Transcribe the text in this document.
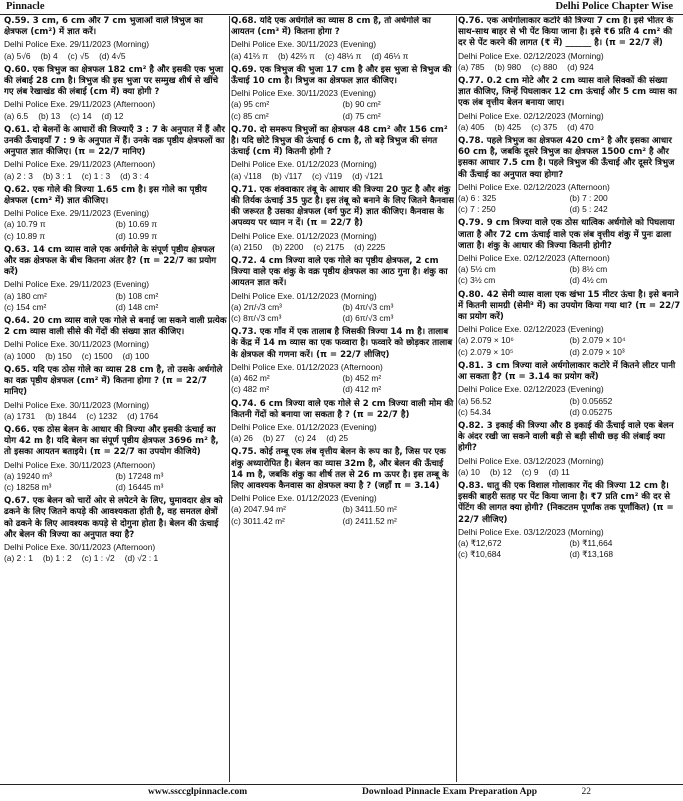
Pinnacle	Delhi Police Chapter Wise
Q.59. 3 cm, 6 cm और 7 cm भुजाओं वाले त्रिभुज का क्षेत्रफल (cm²) में ज्ञात करें।
Delhi Police Exe. 29/11/2023 (Morning)
(a) 5√6 (b) 4 (c) √5 (d) 4√5
Q.60. एक त्रिभुज का क्षेत्रफल 182 cm² है और इसकी एक भुजा की लंबाई 28 cm है। त्रिभुज की इस भुजा पर सम्मुख शीर्ष से खींचे गए लंब रेखाखंड की लंबाई (cm में) क्या होगी ?
Delhi Police Exe. 29/11/2023 (Afternoon)
(a) 6.5 (b) 13 (c) 14 (d) 12
Q.61. दो बेलनों के आधारों की त्रिज्याएँ 3 : 7 के अनुपात में हैं और उनकी ऊँचाइयाँ 7 : 9 के अनुपात में हैं। उनके वक्र पृष्ठीय क्षेत्रफलों का अनुपात ज्ञात कीजिए। (π = 22/7 मानिए)
Delhi Police Exe. 29/11/2023 (Afternoon)
(a) 2 : 3 (b) 3 : 1 (c) 1 : 3 (d) 3 : 4
Q.62. एक गोले की त्रिज्या 1.65 cm है। इस गोले का पृष्ठीय क्षेत्रफल (cm² में) ज्ञात कीजिए।
Delhi Police Exe. 29/11/2023 (Evening)
(a) 10.79 π	(b) 10.69 π
(c) 10.89 π	(d) 10.99 π
Q.63. 14 cm व्यास वाले एक अर्धगोले के संपूर्ण पृष्ठीय क्षेत्रफल और वक्र क्षेत्रफल के बीच कितना अंतर है? (π = 22/7 का प्रयोग करें)
Delhi Police Exe. 29/11/2023 (Evening)
(a) 180 cm²	(b) 108 cm²
(c) 154 cm²	(d) 148 cm²
Q.64. 20 cm व्यास वाले एक गोले से बनाई जा सकने वाली प्रत्येक 2 cm व्यास वाली सीसे की गेंदों की संख्या ज्ञात कीजिए।
Delhi Police Exe. 30/11/2023 (Morning)
(a) 1000 (b) 150 (c) 1500 (d) 100
Q.65. यदि एक ठोस गोले का व्यास 28 cm है, तो उसके अर्धगोले का वक्र पृष्ठीय क्षेत्रफल (cm² में) कितना होगा ? (π = 22/7 मानिए)
Delhi Police Exe. 30/11/2023 (Morning)
(a) 1731 (b) 1844 (c) 1232 (d) 1764
Q.66. एक ठोस बेलन के आधार की त्रिज्या और इसकी ऊंचाई का योग 42 m है। यदि बेलन का संपूर्ण पृष्ठीय क्षेत्रफल 3696 m² है, तो इसका आयतन बताइये। (π = 22/7 का उपयोग कीजिये)
Delhi Police Exe. 30/11/2023 (Afternoon)
(a) 19240 m³	(b) 17248 m³
(c) 18258 m³	(d) 16445 m³
Q.67. एक बेलन को चारों ओर से लपेटने के लिए, घुमावदार क्षेत्र को ढकने के लिए जितने कपड़े की आवश्यकता होती है, वह समतल क्षेत्रों को ढकने के लिए आवश्यक कपड़े से दोगुना होता है। बेलन की ऊंचाई और बेलन की त्रिज्या का अनुपात क्या है?
Delhi Police Exe. 30/11/2023 (Afternoon)
(a) 2 : 1 (b) 1 : 2 (c) 1 : √2 (d) √2 : 1
Q.68. यदि एक अर्धगोले का व्यास 8 cm है, तो अर्धगोले का आयतन (cm³ में) कितना होगा ?
Delhi Police Exe. 30/11/2023 (Evening)
(a) 41⅔ π (b) 42⅔ π (c) 48⅓ π (d) 46⅓ π
Q.69. एक त्रिभुज की भुजा 17 cm है और इस भुजा से त्रिभुज की ऊँचाई 10 cm है। त्रिभुज का क्षेत्रफल ज्ञात कीजिए।
Delhi Police Exe. 30/11/2023 (Evening)
(a) 95 cm²	(b) 90 cm²
(c) 85 cm²	(d) 75 cm²
Q.70. दो समरूप त्रिभुजों का क्षेत्रफल 48 cm² और 156 cm² है। यदि छोटे त्रिभुज की ऊंचाई 6 cm है, तो बड़े त्रिभुज की संगत ऊंचाई (cm में) कितनी होगी ?
Delhi Police Exe. 01/12/2023 (Morning)
(a) √118 (b) √117 (c) √119 (d) √121
Q.71. एक शंक्वाकार तंबू के आधार की त्रिज्या 20 फुट है और शंकु की तिर्यक ऊंचाई 35 फुट है। इस तंबू को बनाने के लिए जितने कैनवास की जरूरत है उसका क्षेत्रफल (वर्ग फुट में) ज्ञात कीजिए। कैनवास के अपव्यय पर ध्यान न दें। (π = 22/7 है)
Delhi Police Exe. 01/12/2023 (Morning)
(a) 2150 (b) 2200 (c) 2175 (d) 2225
Q.72. 4 cm त्रिज्या वाले एक गोले का पृष्ठीय क्षेत्रफल, 2 cm त्रिज्या वाले एक शंकु के वक्र पृष्ठीय क्षेत्रफल का आठ गुना है। शंकु का आयतन ज्ञात करें।
Delhi Police Exe. 01/12/2023 (Morning)
(a) 2π/√3 cm³	(b) 4π/√3 cm³
(c) 8π/√3 cm³	(d) 6π/√3 cm³
Q.73. एक गाँव में एक तालाब है जिसकी त्रिज्या 14 m है। तालाब के केंद्र में 14 m व्यास का एक फव्वारा है। फव्वारे को छोड़कर तालाब के क्षेत्रफल की गणना करें। (π = 22/7 लीजिए)
Delhi Police Exe. 01/12/2023 (Afternoon)
(a) 462 m²	(b) 452 m²
(c) 482 m²	(d) 412 m²
Q.74. 6 cm त्रिज्या वाले एक गोले से 2 cm त्रिज्या वाली मोम की कितनी गेंदों को बनाया जा सकता है ? (π = 22/7 है)
Delhi Police Exe. 01/12/2023 (Evening)
(a) 26 (b) 27 (c) 24 (d) 25
Q.75. कोई तम्बू एक लंब वृत्तीय बेलन के रूप का है, जिस पर एक शंकु अध्यारोपित है। बेलन का व्यास 32m है, और बेलन की ऊँचाई 14 m है, जबकि शंकु का शीर्ष तल से 26 m ऊपर है। इस तम्बू के लिए आवश्यक कैनवास का क्षेत्रफल क्या है ? (जहाँ π = 3.14)
Delhi Police Exe. 01/12/2023 (Evening)
(a) 2047.94 m²	(b) 3411.50 m²
(c) 3011.42 m²	(d) 2411.52 m²
Q.76. एक अर्धगोलाकार कटोरे की त्रिज्या 7 cm है। इसे भीतर के साथ-साथ बाहर से भी पेंट किया जाना है। इसे ₹6 प्रति 4 cm² की दर से पेंट करने की लागत (₹ में) ______ है। (π = 22/7 लें)
Delhi Police Exe. 02/12/2023 (Morning)
(a) 785 (b) 980 (c) 880 (d) 924
Q.77. 0.2 cm मोटे और 2 cm व्यास वाले सिक्कों की संख्या ज्ञात कीजिए, जिन्हें पिघलाकर 12 cm ऊंचाई और 5 cm व्यास का एक लंब वृत्तीय बेलन बनाया जाए।
Delhi Police Exe. 02/12/2023 (Morning)
(a) 405 (b) 425 (c) 375 (d) 470
Q.78. पहले त्रिभुज का क्षेत्रफल 420 cm² है और इसका आधार 60 cm है, जबकि दूसरे त्रिभुज का क्षेत्रफल 1500 cm² है और इसका आधार 7.5 cm है। पहले त्रिभुज की ऊँचाई और दूसरे त्रिभुज की ऊँचाई का अनुपात क्या होगा?
Delhi Police Exe. 02/12/2023 (Afternoon)
(a) 6 : 325	(b) 7 : 200
(c) 7 : 250	(d) 5 : 242
Q.79. 9 cm त्रिज्या वाले एक ठोस धात्विक अर्धगोले को पिघलाया जाता है और 72 cm ऊंचाई वाले एक लंब वृत्तीय शंकु में पुनः ढाला जाता है। शंकु के आधार की त्रिज्या कितनी होगी?
Delhi Police Exe. 02/12/2023 (Afternoon)
(a) 5½ cm	(b) 8½ cm
(c) 3½ cm	(d) 4½ cm
Q.80. 42 सेमी व्यास वाला एक खंभा 15 मीटर ऊंचा है। इसे बनाने में कितनी सामग्री (सेमी³ में) का उपयोग किया गया था? (π = 22/7 का प्रयोग करें)
Delhi Police Exe. 02/12/2023 (Evening)
(a) 2.079 × 10⁶	(b) 2.079 × 10⁴
(c) 2.079 × 10⁵	(d) 2.079 × 10³
Q.81. 3 cm त्रिज्या वाले अर्धगोलाकार कटोरे में कितने लीटर पानी आ सकता है? (π = 3.14 का प्रयोग करें)
Delhi Police Exe. 02/12/2023 (Evening)
(a) 56.52	(b) 0.05652
(c) 54.34	(d) 0.05275
Q.82. 3 इकाई की त्रिज्या और 8 इकाई की ऊँचाई वाले एक बेलन के अंदर रखी जा सकने वाली बड़ी से बड़ी सीधी छड़ की लंबाई क्या होगी?
Delhi Police Exe. 03/12/2023 (Morning)
(a) 10 (b) 12 (c) 9 (d) 11
Q.83. धातु की एक विशाल गोलाकार गेंद की त्रिज्या 12 cm है। इसकी बाहरी सतह पर पेंट किया जाना है। ₹7 प्रति cm² की दर से पेंटिंग की लागत क्या होगी? (निकटतम पूर्णांक तक पूर्णांकित) (π = 22/7 लीजिए)
Delhi Police Exe. 03/12/2023 (Morning)
(a) ₹12,672	(b) ₹11,664
(c) ₹10,684	(d) ₹13,168
www.ssccglpinnacle.com	Download Pinnacle Exam Preparation App	22
